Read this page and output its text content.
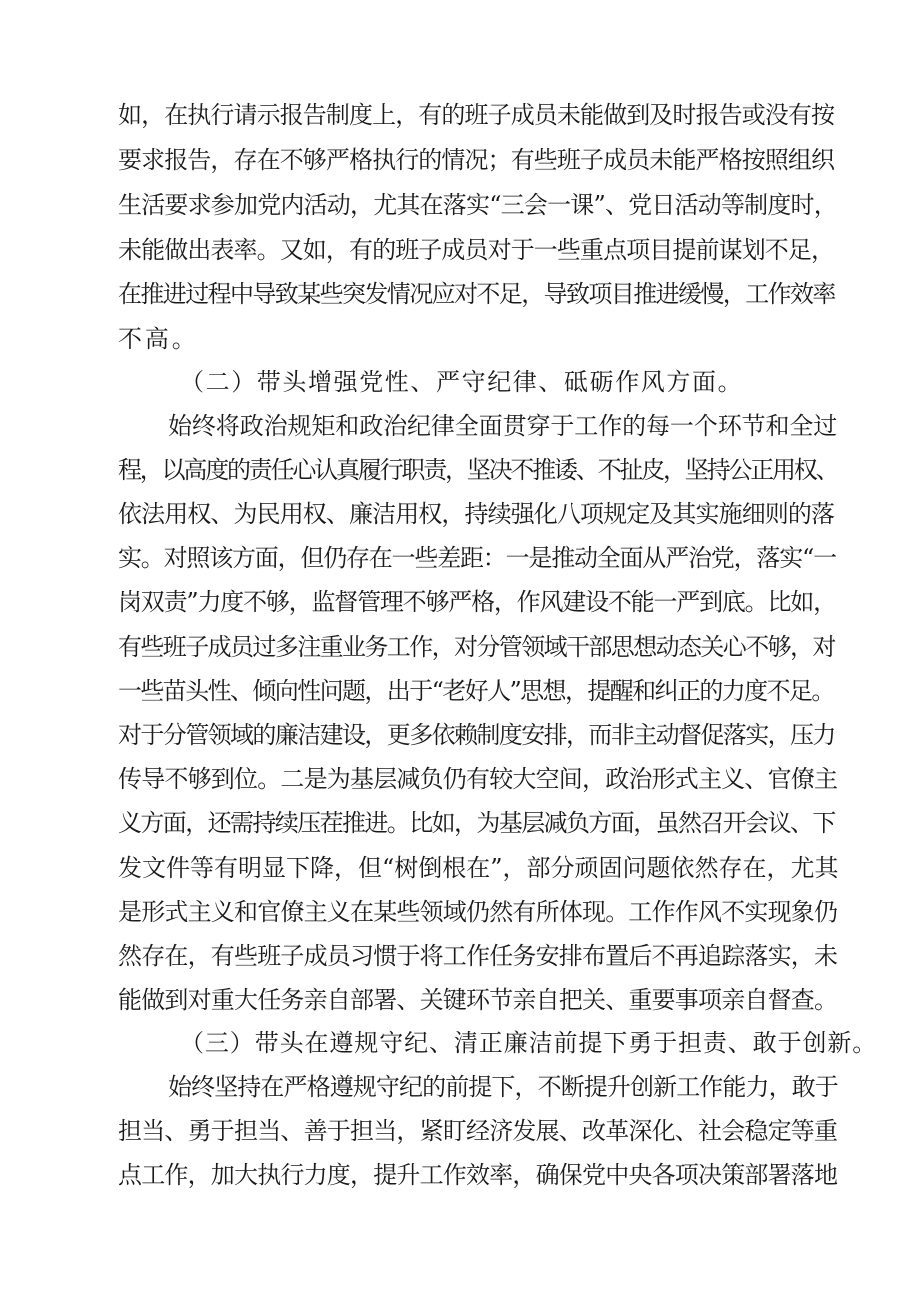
如，在执行请示报告制度上，有的班子成员未能做到及时报告或没有按
要求报告，存在不够严格执行的情况；有些班子成员未能严格按照组织
生活要求参加党内活动，尤其在落实“三会一课”、党日活动等制度时，
未能做出表率。又如，有的班子成员对于一些重点项目提前谋划不足，
在推进过程中导致某些突发情况应对不足，导致项目推进缓慢，工作效率
不高。
（二）带头增强党性、严守纪律、砥砺作风方面。
始终将政治规矩和政治纪律全面贯穿于工作的每一个环节和全过
程，以高度的责任心认真履行职责，坚决不推诿、不扯皮，坚持公正用权、
依法用权、为民用权、廉洁用权，持续强化八项规定及其实施细则的落
实。对照该方面，但仍存在一些差距：一是推动全面从严治党，落实“一
岗双责”力度不够，监督管理不够严格，作风建设不能一严到底。比如，
有些班子成员过多注重业务工作，对分管领域干部思想动态关心不够，对
一些苗头性、倾向性问题，出于“老好人”思想，提醒和纠正的力度不足。
对于分管领域的廉洁建设，更多依赖制度安排，而非主动督促落实，压力
传导不够到位。二是为基层减负仍有较大空间，政治形式主义、官僚主
义方面，还需持续压茬推进。比如，为基层减负方面，虽然召开会议、下
发文件等有明显下降，但“树倒根在”，部分顽固问题依然存在，尤其
是形式主义和官僚主义在某些领域仍然有所体现。工作作风不实现象仍
然存在，有些班子成员习惯于将工作任务安排布置后不再追踪落实，未
能做到对重大任务亲自部署、关键环节亲自把关、重要事项亲自督查。
（三）带头在遵规守纪、清正廉洁前提下勇于担责、敢于创新。
始终坚持在严格遵规守纪的前提下，不断提升创新工作能力，敢于
担当、勇于担当、善于担当，紧盯经济发展、改革深化、社会稳定等重
点工作，加大执行力度，提升工作效率，确保党中央各项决策部署落地
